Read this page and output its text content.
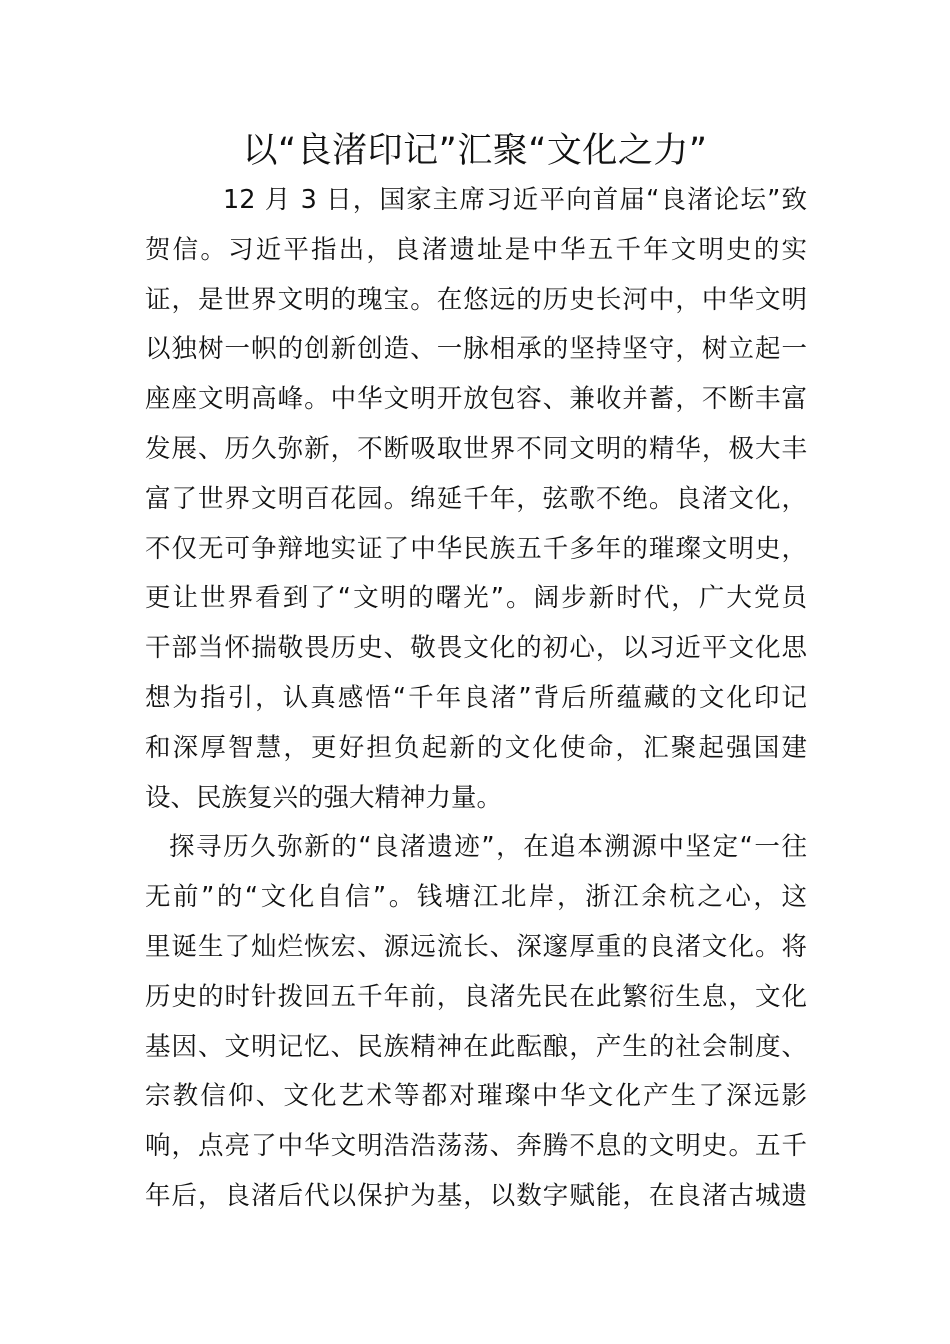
以“良渚印记”汇聚“文化之力”
12 月 3 日，国家主席习近平向首届“良渚论坛”致
贺信。习近平指出，良渚遗址是中华五千年文明史的实
证，是世界文明的瑰宝。在悠远的历史长河中，中华文明
以独树一帜的创新创造、一脉相承的坚持坚守，树立起一
座座文明高峰。中华文明开放包容、兼收并蓄，不断丰富
发展、历久弥新，不断吸取世界不同文明的精华，极大丰
富了世界文明百花园。绵延千年，弦歌不绝。良渚文化，
不仅无可争辩地实证了中华民族五千多年的璀璨文明史，
更让世界看到了“文明的曙光”。阔步新时代，广大党员
干部当怀揣敬畏历史、敬畏文化的初心，以习近平文化思
想为指引，认真感悟“千年良渚”背后所蕴藏的文化印记
和深厚智慧，更好担负起新的文化使命，汇聚起强国建
设、民族复兴的强大精神力量。
探寻历久弥新的“良渚遗迹”，在追本溯源中坚定“一往
无前”的“文化自信”。钱塘江北岸，浙江余杭之心，这
里诞生了灿烂恢宏、源远流长、深邃厚重的良渚文化。将
历史的时针拨回五千年前，良渚先民在此繁衍生息，文化
基因、文明记忆、民族精神在此酝酿，产生的社会制度、
宗教信仰、文化艺术等都对璀璨中华文化产生了深远影
响，点亮了中华文明浩浩荡荡、奔腾不息的文明史。五千
年后，良渚后代以保护为基，以数字赋能，在良渚古城遗
